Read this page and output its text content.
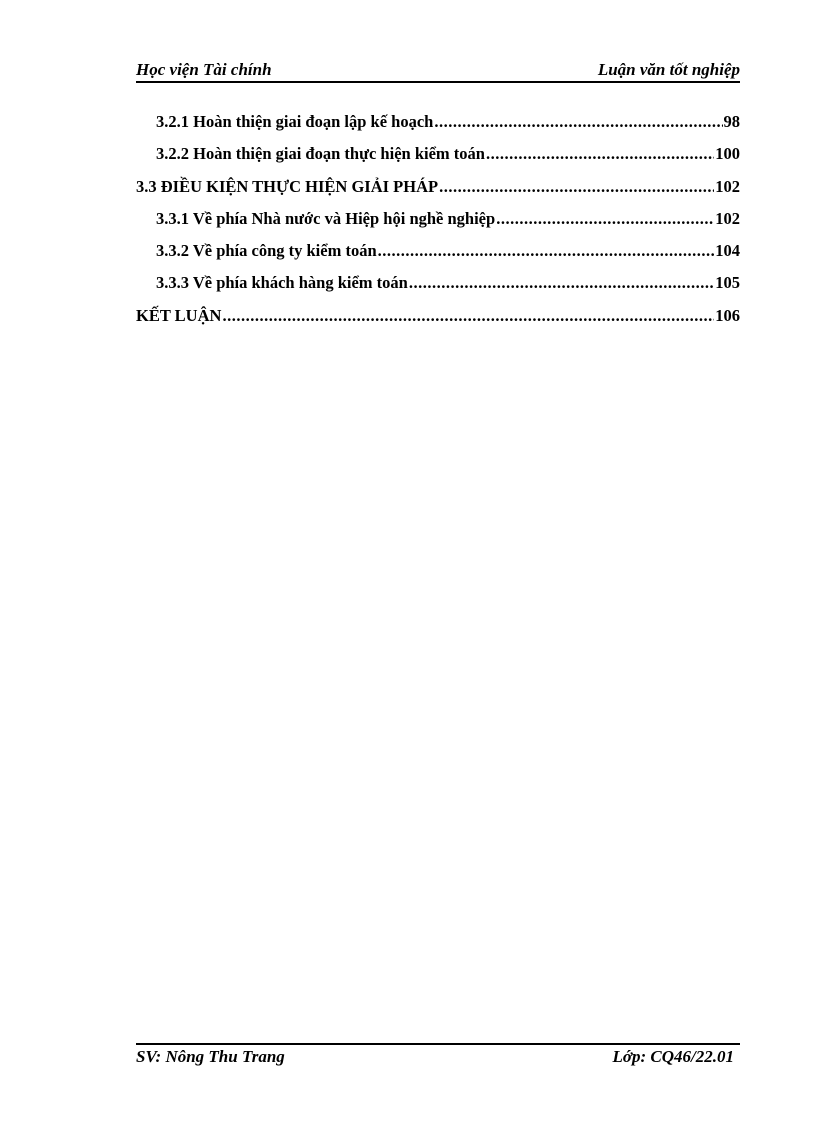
Học viện Tài chính	Luận văn tốt nghiệp
3.2.1 Hoàn thiện giai đoạn lập kế hoạch .....	98
3.2.2 Hoàn thiện giai đoạn thực hiện kiểm toán .....	100
3.3 ĐIỀU KIỆN THỰC HIỆN GIẢI PHÁP .....	102
3.3.1 Về phía Nhà nước và Hiệp hội nghề nghiệp .....	102
3.3.2 Về phía công ty kiểm toán .....	104
3.3.3 Về phía khách hàng kiểm toán .....	105
KẾT LUẬN .....	106
SV: Nông Thu Trang	Lớp: CQ46/22.01
